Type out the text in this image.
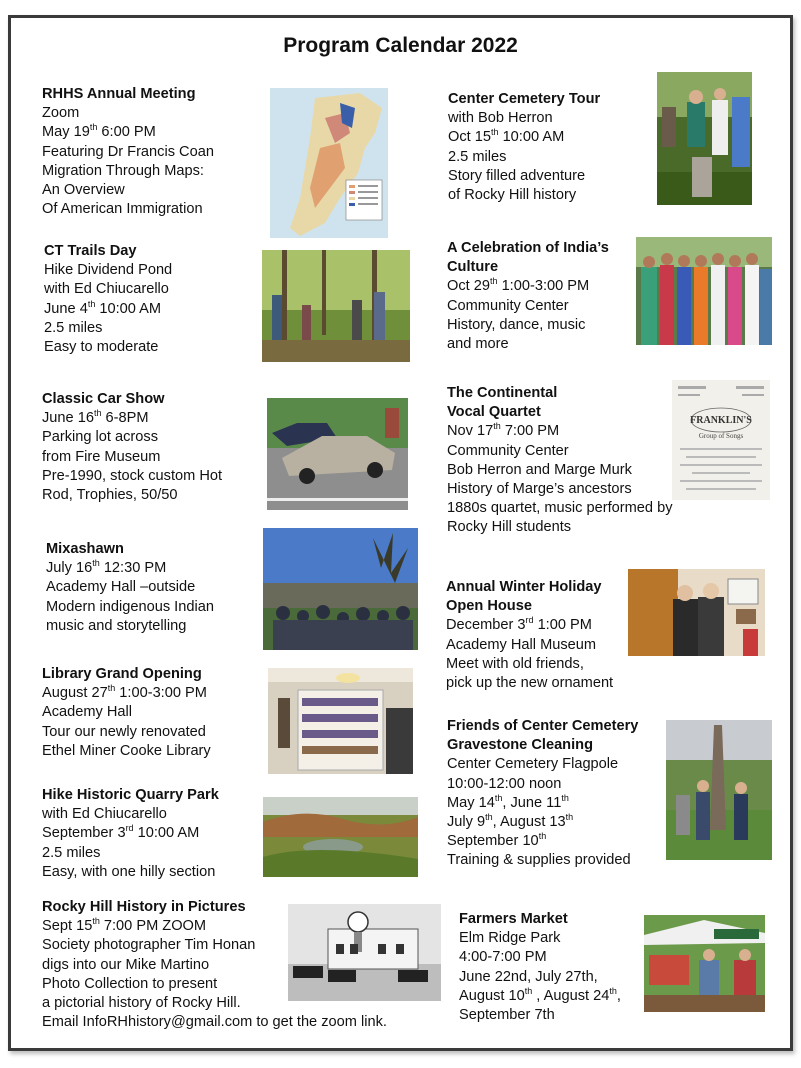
Program Calendar 2022
RHHS Annual Meeting
Zoom
May 19th 6:00 PM
Featuring Dr Francis Coan
Migration Through Maps:
An Overview
Of American Immigration
CT Trails Day
Hike Dividend Pond
with Ed Chiucarello
June 4th 10:00 AM
2.5 miles
Easy to moderate
Classic Car Show
June 16th 6-8PM
Parking lot across
from Fire Museum
Pre-1990, stock custom Hot
Rod, Trophies, 50/50
Mixashawn
July 16th 12:30 PM
Academy Hall –outside
Modern indigenous Indian
music and storytelling
Library Grand Opening
August 27th 1:00-3:00 PM
Academy Hall
Tour our newly renovated
Ethel Miner Cooke Library
Hike Historic Quarry Park
with Ed Chiucarello
September 3rd 10:00 AM
2.5 miles
Easy, with one hilly section
Rocky Hill History in Pictures
Sept 15th 7:00 PM ZOOM
Society photographer Tim Honan
digs into our Mike Martino
Photo Collection to present
a pictorial history of Rocky Hill.
Email InfoRHhistory@gmail.com to get the zoom link.
Center Cemetery Tour
with Bob Herron
Oct 15th 10:00 AM
2.5 miles
Story filled adventure
of Rocky Hill history
A Celebration of India’s
Culture
Oct 29th 1:00-3:00 PM
Community Center
History, dance, music
and more
The Continental
Vocal Quartet
Nov 17th 7:00 PM
Community Center
Bob Herron and Marge Murk
History of Marge’s ancestors
1880s quartet, music performed by
Rocky Hill students
Annual Winter Holiday
Open House
December 3rd 1:00 PM
Academy Hall Museum
Meet with old friends,
pick up the new ornament
Friends of Center Cemetery
Gravestone Cleaning
Center Cemetery Flagpole
10:00-12:00 noon
May 14th, June 11th
July 9th, August 13th
September 10th
Training & supplies provided
Farmers Market
Elm Ridge Park
4:00-7:00 PM
June 22nd, July 27th,
August 10th , August 24th,
September 7th
FRANKLIN'S
Group of Songs
